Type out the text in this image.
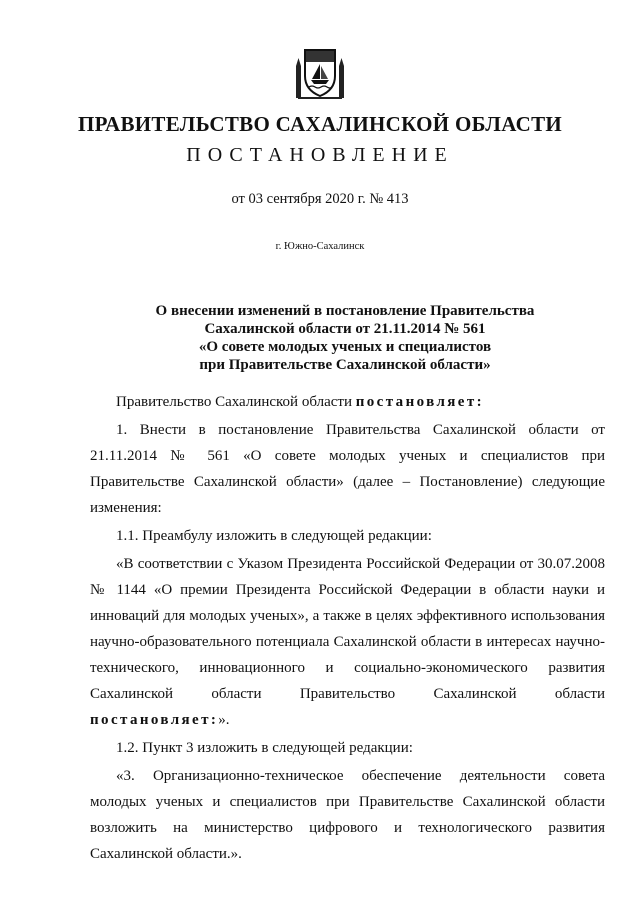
ПРАВИТЕЛЬСТВО САХАЛИНСКОЙ ОБЛАСТИ
ПОСТАНОВЛЕНИЕ
от 03 сентября 2020 г. № 413
г. Южно-Сахалинск
О внесении изменений в постановление Правительства
Сахалинской области от 21.11.2014 № 561
«О совете молодых ученых и специалистов
при Правительстве Сахалинской области»

Правительство Сахалинской области постановляет:

1. Внести в постановление Правительства Сахалинской области от 21.11.2014 № 561 «О совете молодых ученых и специалистов при Правительстве Сахалинской области» (далее – Постановление) следующие изменения:

1.1. Преамбулу изложить в следующей редакции:

«В соответствии с Указом Президента Российской Федерации от 30.07.2008 № 1144 «О премии Президента Российской Федерации в области науки и инноваций для молодых ученых», а также в целях эффективного использования научно-образовательного потенциала Сахалинской области в интересах научно-технического, инновационного и социально-экономического развития Сахалинской области Правительство Сахалинской области постановляет:».

1.2. Пункт 3 изложить в следующей редакции:

«3. Организационно-техническое обеспечение деятельности совета молодых ученых и специалистов при Правительстве Сахалинской области возложить на министерство цифрового и технологического развития Сахалинской области.».
